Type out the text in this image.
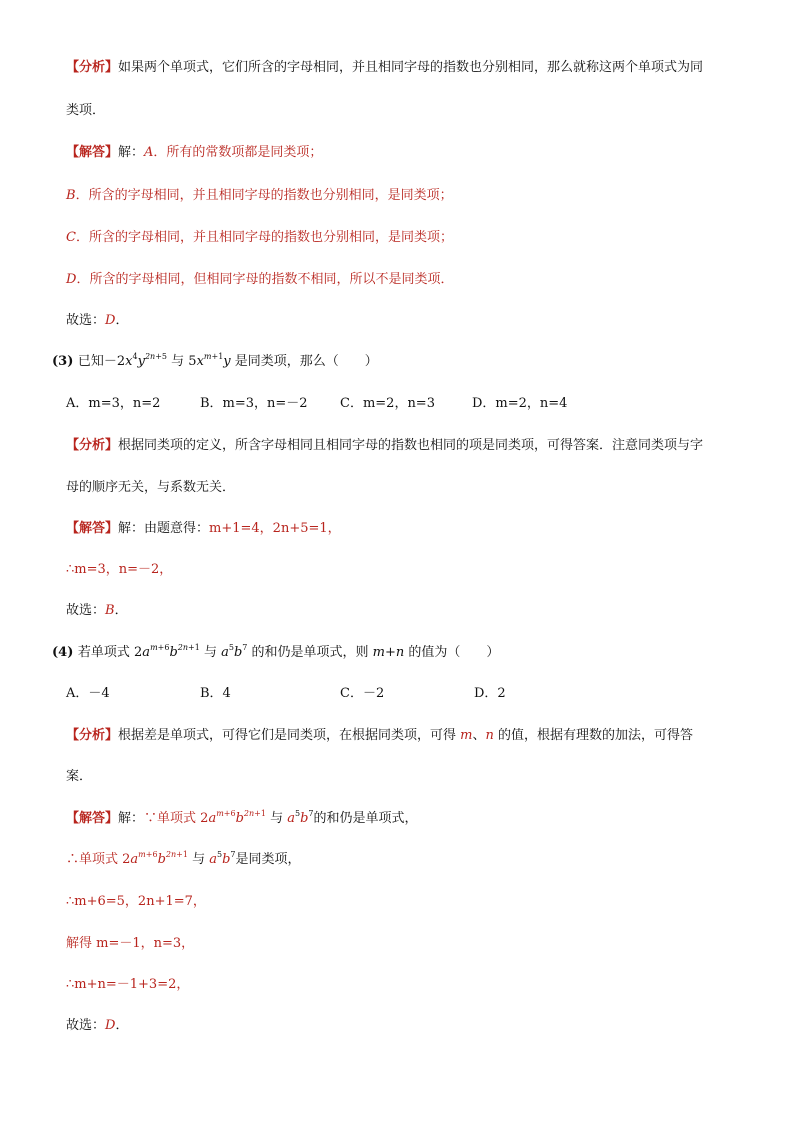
【分析】如果两个单项式，它们所含的字母相同，并且相同字母的指数也分别相同，那么就称这两个单项式为同
类项．
【解答】解：A．所有的常数项都是同类项；
B．所含的字母相同，并且相同字母的指数也分别相同，是同类项；
C．所含的字母相同，并且相同字母的指数也分别相同，是同类项；
D．所含的字母相同，但相同字母的指数不相同，所以不是同类项．
故选：D．
(3) 已知$-2x^4y^{2n+5}$ 与 $5x^{m+1}y$ 是同类项，那么（　　）
A．m=3，n=2	B．m=3，n=－2 C．m=2，n=3	D．m=2，n=4
【分析】根据同类项的定义，所含字母相同且相同字母的指数也相同的项是同类项，可得答案．注意同类项与字
母的顺序无关，与系数无关．
【解答】解：由题意得：m+1=4，2n+5=1，
∴m=3，n=－2，
故选：B．
(4) 若单项式 $2a^{m+6}b^{2n+1}$ 与 $a^5b^7$ 的和仍是单项式，则 m+n 的值为（　　）
A．－4	B．4	C．－2	D．2
【分析】根据差是单项式，可得它们是同类项，在根据同类项，可得 m、n 的值，根据有理数的加法，可得答
案．
【解答】解：∵单项式 $2a^{m+6}b^{2n+1}$ 与 $a^5b^7$的和仍是单项式，
∴单项式 $2a^{m+6}b^{2n+1}$ 与 $a^5b^7$是同类项，
∴m+6=5，2n+1=7，
解得 m=－1，n=3，
∴m+n=－1+3=2，
故选：D．
